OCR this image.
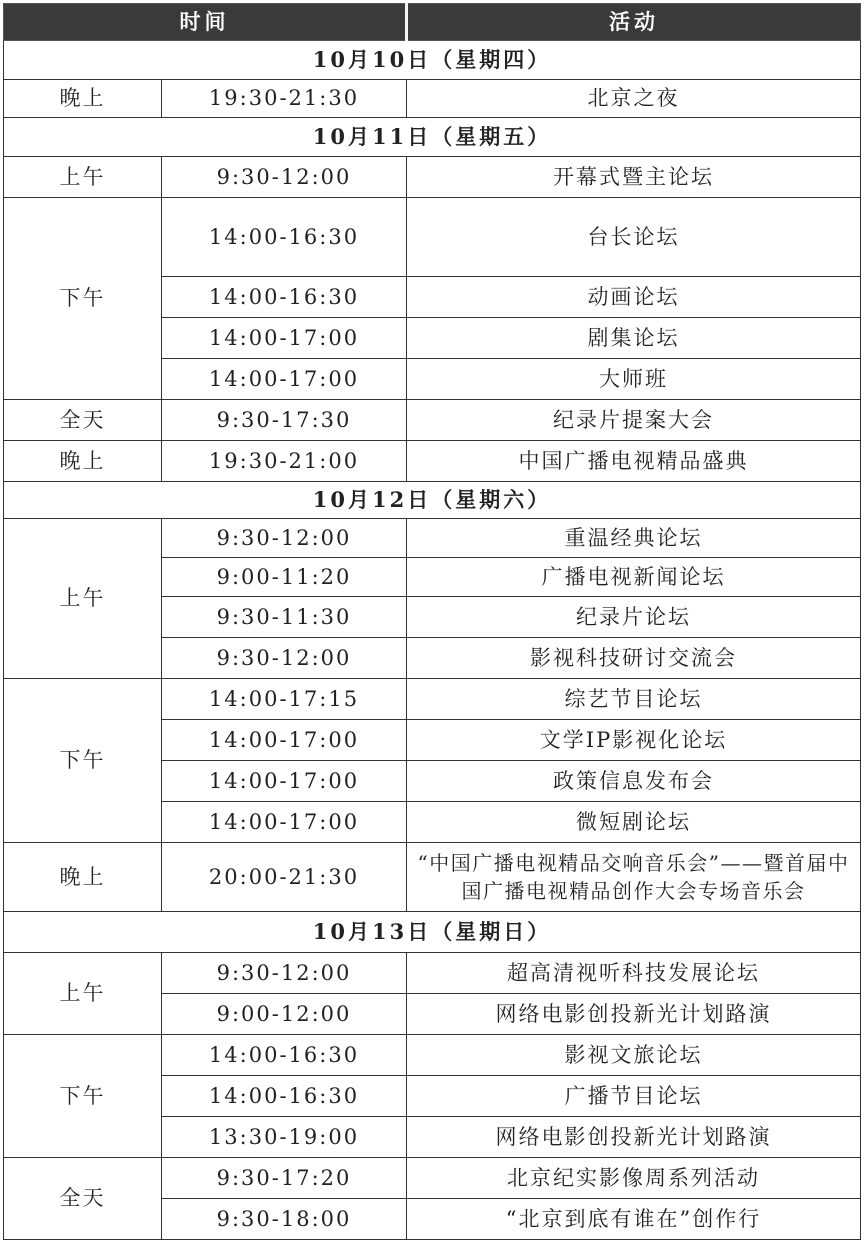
时间		活动
10月10日（星期四）		
晚上	19:30-21:30	北京之夜
10月11日（星期五）		
上午	9:30-12:00	开幕式暨主论坛
下午	14:00-16:30	台长论坛
	14:00-16:30	动画论坛
	14:00-17:00	剧集论坛
	14:00-17:00	大师班
全天	9:30-17:30	纪录片提案大会
晚上	19:30-21:00	中国广播电视精品盛典
10月12日（星期六）		
上午	9:30-12:00	重温经典论坛
	9:00-11:20	广播电视新闻论坛
	9:30-11:30	纪录片论坛
	9:30-12:00	影视科技研讨交流会
下午	14:00-17:15	综艺节目论坛
	14:00-17:00	文学IP影视化论坛
	14:00-17:00	政策信息发布会
	14:00-17:00	微短剧论坛
晚上	20:00-21:30	“中国广播电视精品交响音乐会”——暨首届中国广播电视精品创作大会专场音乐会
10月13日（星期日）		
上午	9:30-12:00	超高清视听科技发展论坛
	9:00-12:00	网络电影创投新光计划路演
下午	14:00-16:30	影视文旅论坛
	14:00-16:30	广播节目论坛
	13:30-19:00	网络电影创投新光计划路演
全天	9:30-17:20	北京纪实影像周系列活动
	9:30-18:00	“北京到底有谁在”创作行
